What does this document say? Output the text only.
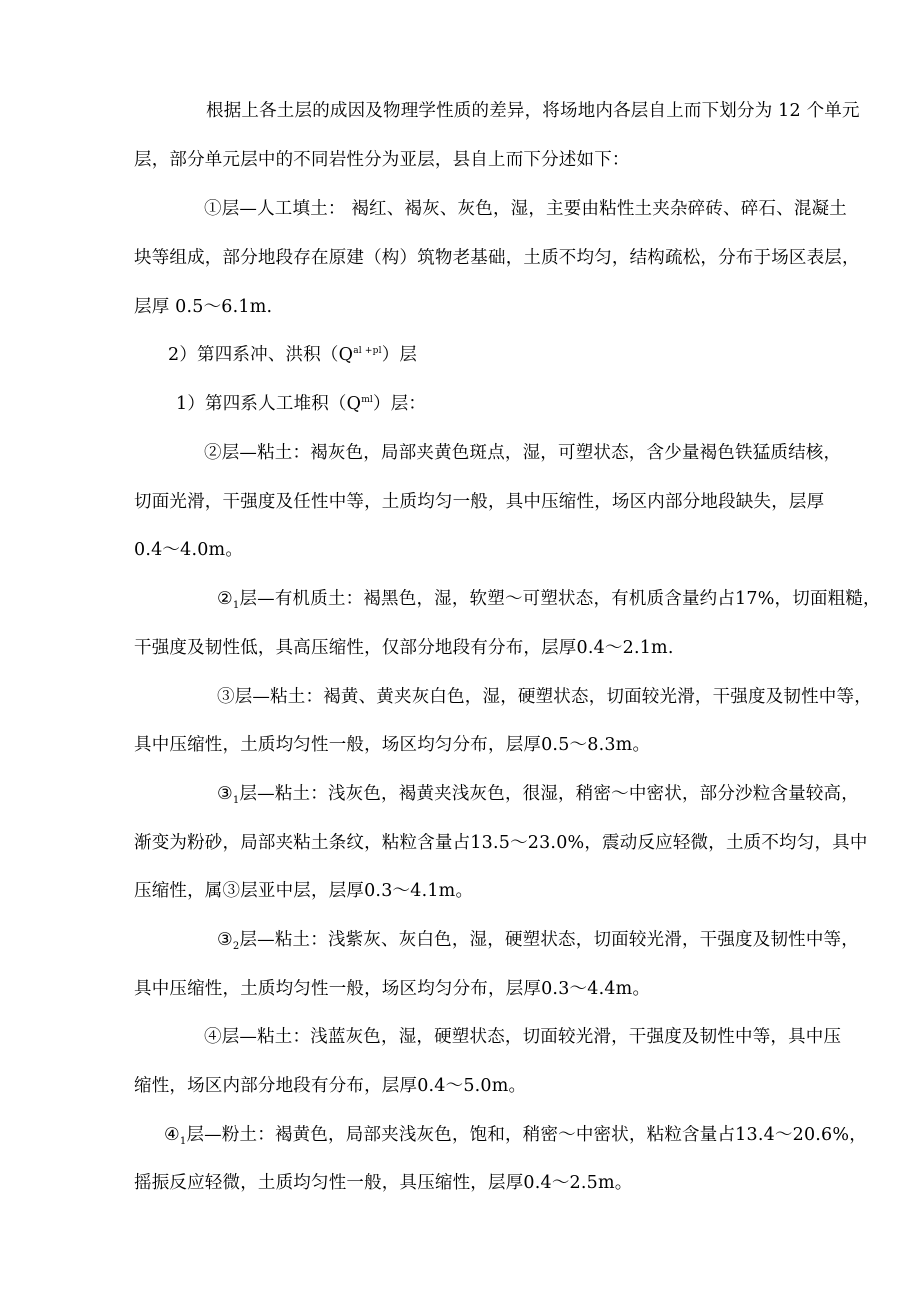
根据上各土层的成因及物理学性质的差异，将场地内各层自上而下划分为 12 个单元
层，部分单元层中的不同岩性分为亚层，县自上而下分述如下：
①层—人工填土： 褐红、褐灰、灰色，湿，主要由粘性土夹杂碎砖、碎石、混凝土
块等组成，部分地段存在原建（构）筑物老基础，土质不均匀，结构疏松，分布于场区表层，
层厚 0.5～6.1m.
2）第四系冲、洪积$(Q^{al +pl})$层
1）第四系人工堆积$(Q^{ml})$层：
②层—粘土：褐灰色，局部夹黄色斑点，湿，可塑状态，含少量褐色铁猛质结核，
切面光滑，干强度及任性中等，土质均匀一般，具中压缩性，场区内部分地段缺失，层厚
0.4～4.0m。
$②_1$层—有机质土：褐黑色，湿，软塑～可塑状态，有机质含量约占17%，切面粗糙，
干强度及韧性低，具高压缩性，仅部分地段有分布，层厚0.4～2.1m.
③层—粘土：褐黄、黄夹灰白色，湿，硬塑状态，切面较光滑，干强度及韧性中等，
具中压缩性，土质均匀性一般，场区均匀分布，层厚0.5～8.3m。
$③_1$层—粘土：浅灰色，褐黄夹浅灰色，很湿，稍密～中密状，部分沙粒含量较高，
渐变为粉砂，局部夹粘土条纹，粘粒含量占13.5～23.0%，震动反应轻微，土质不均匀，具中
压缩性，属③层亚中层，层厚0.3～4.1m。
$③_2$层—粘土：浅紫灰、灰白色，湿，硬塑状态，切面较光滑，干强度及韧性中等，
具中压缩性，土质均匀性一般，场区均匀分布，层厚0.3～4.4m。
④层—粘土：浅蓝灰色，湿，硬塑状态，切面较光滑，干强度及韧性中等，具中压
缩性，场区内部分地段有分布，层厚0.4～5.0m。
$④_1$层—粉土：褐黄色，局部夹浅灰色，饱和，稍密～中密状，粘粒含量占13.4～20.6%，
摇振反应轻微，土质均匀性一般，具压缩性，层厚0.4～2.5m。
